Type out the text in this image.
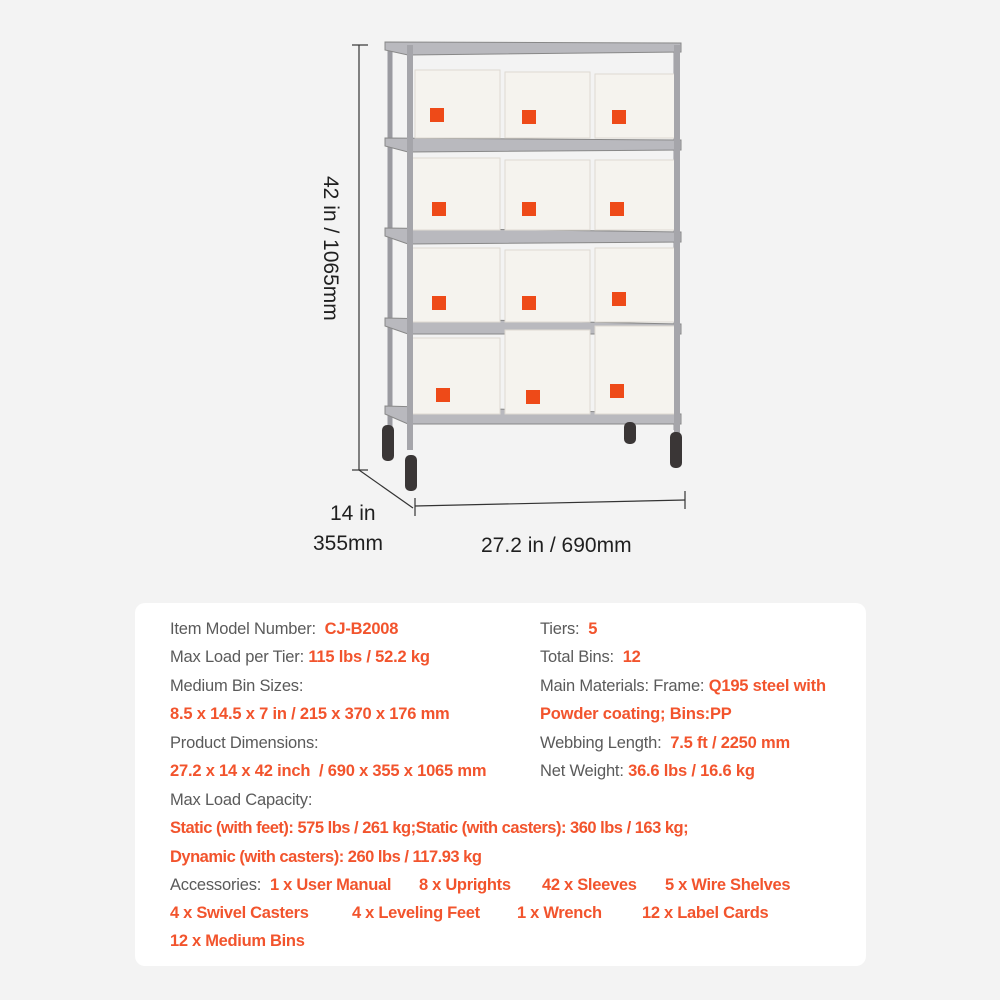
42 in / 1065mm
14 in
355mm	27.2 in / 690mm
Item Model Number: CJ-B2008
Max Load per Tier: 115 lbs / 52.2 kg
Medium Bin Sizes:
8.5 x 14.5 x 7 in / 215 x 370 x 176 mm
Product Dimensions:
27.2 x 14 x 42 inch  / 690 x 355 x 1065 mm
Tiers: 5
Total Bins: 12
Main Materials: Frame: Q195 steel with
Powder coating; Bins:PP
Webbing Length: 7.5 ft / 2250 mm
Net Weight: 36.6 lbs / 16.6 kg
Max Load Capacity:
Static (with feet): 575 lbs / 261 kg;Static (with casters): 360 lbs / 163 kg;
Dynamic (with casters): 260 lbs / 117.93 kg
Accessories: 1 x User Manual 8 x Uprights 42 x Sleeves 5 x Wire Shelves
4 x Swivel Casters	4 x Leveling Feet 1 x Wrench 12 x Label Cards
12 x Medium Bins
